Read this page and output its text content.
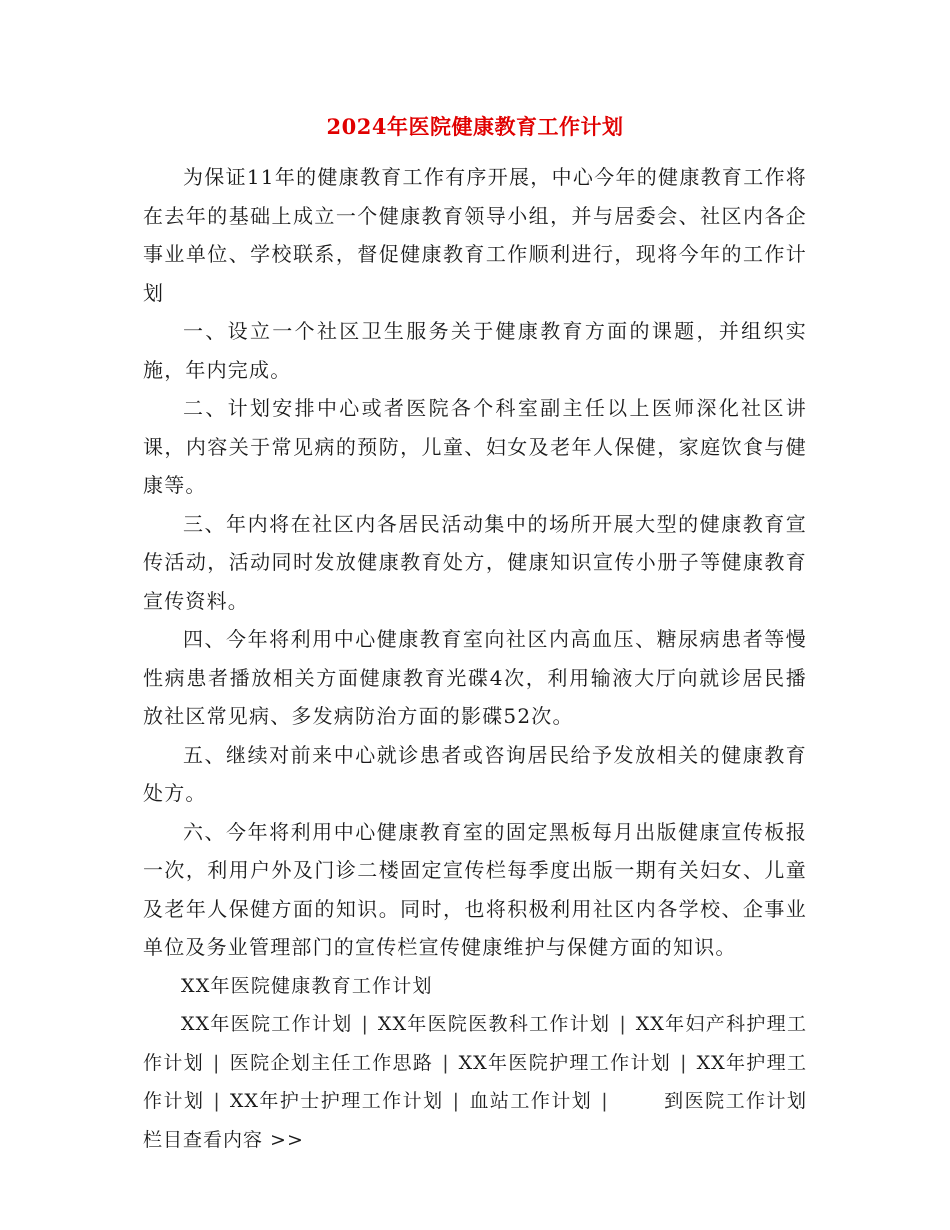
2024年医院健康教育工作计划

为保证11年的健康教育工作有序开展，中心今年的健康教育工作将在去年的基础上成立一个健康教育领导小组，并与居委会、社区内各企事业单位、学校联系，督促健康教育工作顺利进行，现将今年的工作计划

一、设立一个社区卫生服务关于健康教育方面的课题，并组织实施，年内完成。

二、计划安排中心或者医院各个科室副主任以上医师深化社区讲课，内容关于常见病的预防，儿童、妇女及老年人保健，家庭饮食与健康等。

三、年内将在社区内各居民活动集中的场所开展大型的健康教育宣传活动，活动同时发放健康教育处方，健康知识宣传小册子等健康教育宣传资料。

四、今年将利用中心健康教育室向社区内高血压、糖尿病患者等慢性病患者播放相关方面健康教育光碟4次，利用输液大厅向就诊居民播放社区常见病、多发病防治方面的影碟52次。

五、继续对前来中心就诊患者或咨询居民给予发放相关的健康教育处方。

六、今年将利用中心健康教育室的固定黑板每月出版健康宣传板报一次，利用户外及门诊二楼固定宣传栏每季度出版一期有关妇女、儿童及老年人保健方面的知识。同时，也将积极利用社区内各学校、企事业单位及务业管理部门的宣传栏宣传健康维护与保健方面的知识。

XX年医院健康教育工作计划

XX年医院工作计划 | XX年医院医教科工作计划 | XX年妇产科护理工作计划 | 医院企划主任工作思路 | XX年医院护理工作计划 | XX年护理工作计划 | XX年护士护理工作计划 | 血站工作计划 |	到医院工作计划 栏目查看内容 >>
